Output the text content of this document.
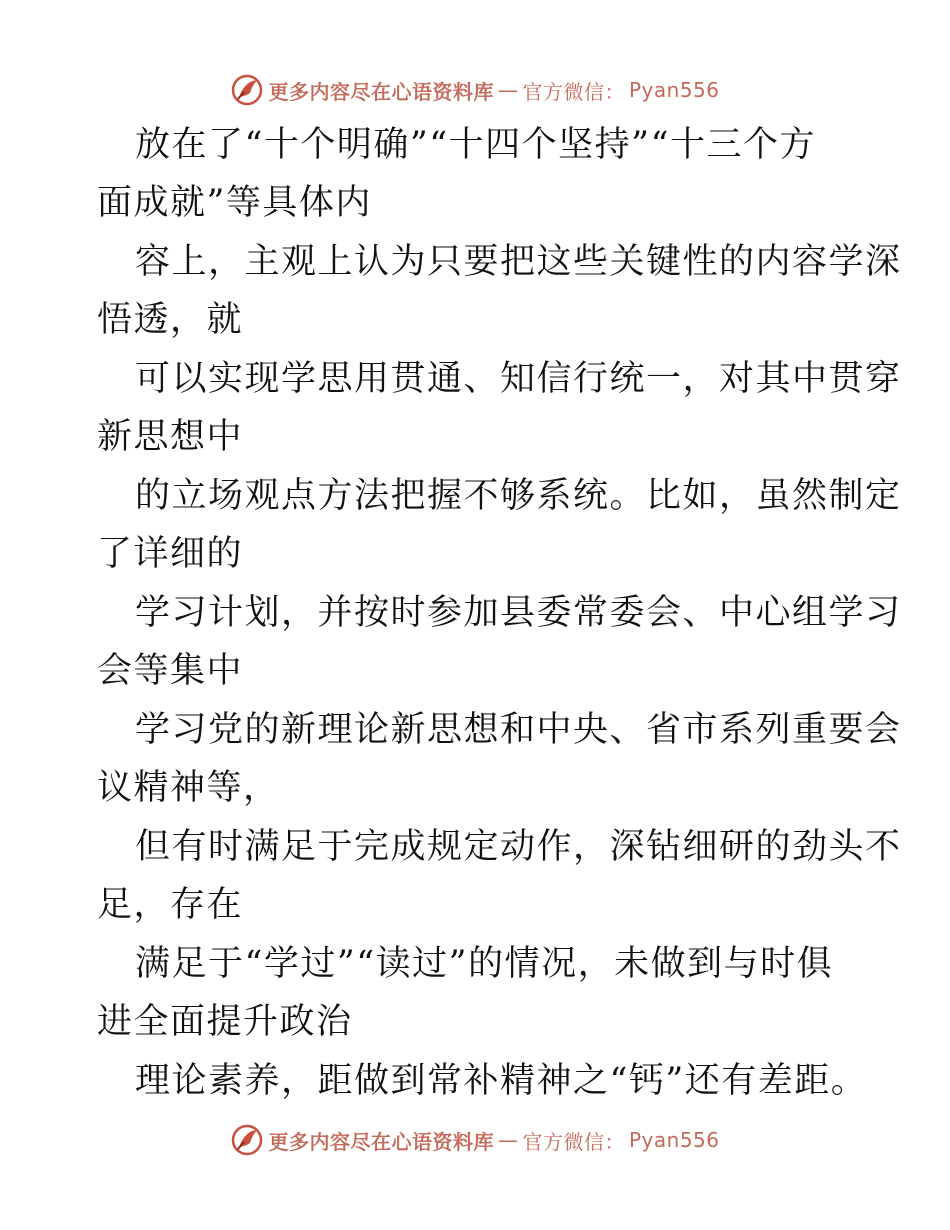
更多内容尽在心语资料库 — 官方微信： Pyan556
放在了“十个明确”“十四个坚持”“十三个方
面成就”等具体内
容上，主观上认为只要把这些关键性的内容学深
悟透，就
可以实现学思用贯通、知信行统一，对其中贯穿
新思想中
的立场观点方法把握不够系统。比如，虽然制定
了详细的
学习计划，并按时参加县委常委会、中心组学习
会等集中
学习党的新理论新思想和中央、省市系列重要会
议精神等，
但有时满足于完成规定动作，深钻细研的劲头不
足，存在
满足于“学过”“读过”的情况，未做到与时俱
进全面提升政治
理论素养，距做到常补精神之“钙”还有差距。
更多内容尽在心语资料库 — 官方微信： Pyan556
